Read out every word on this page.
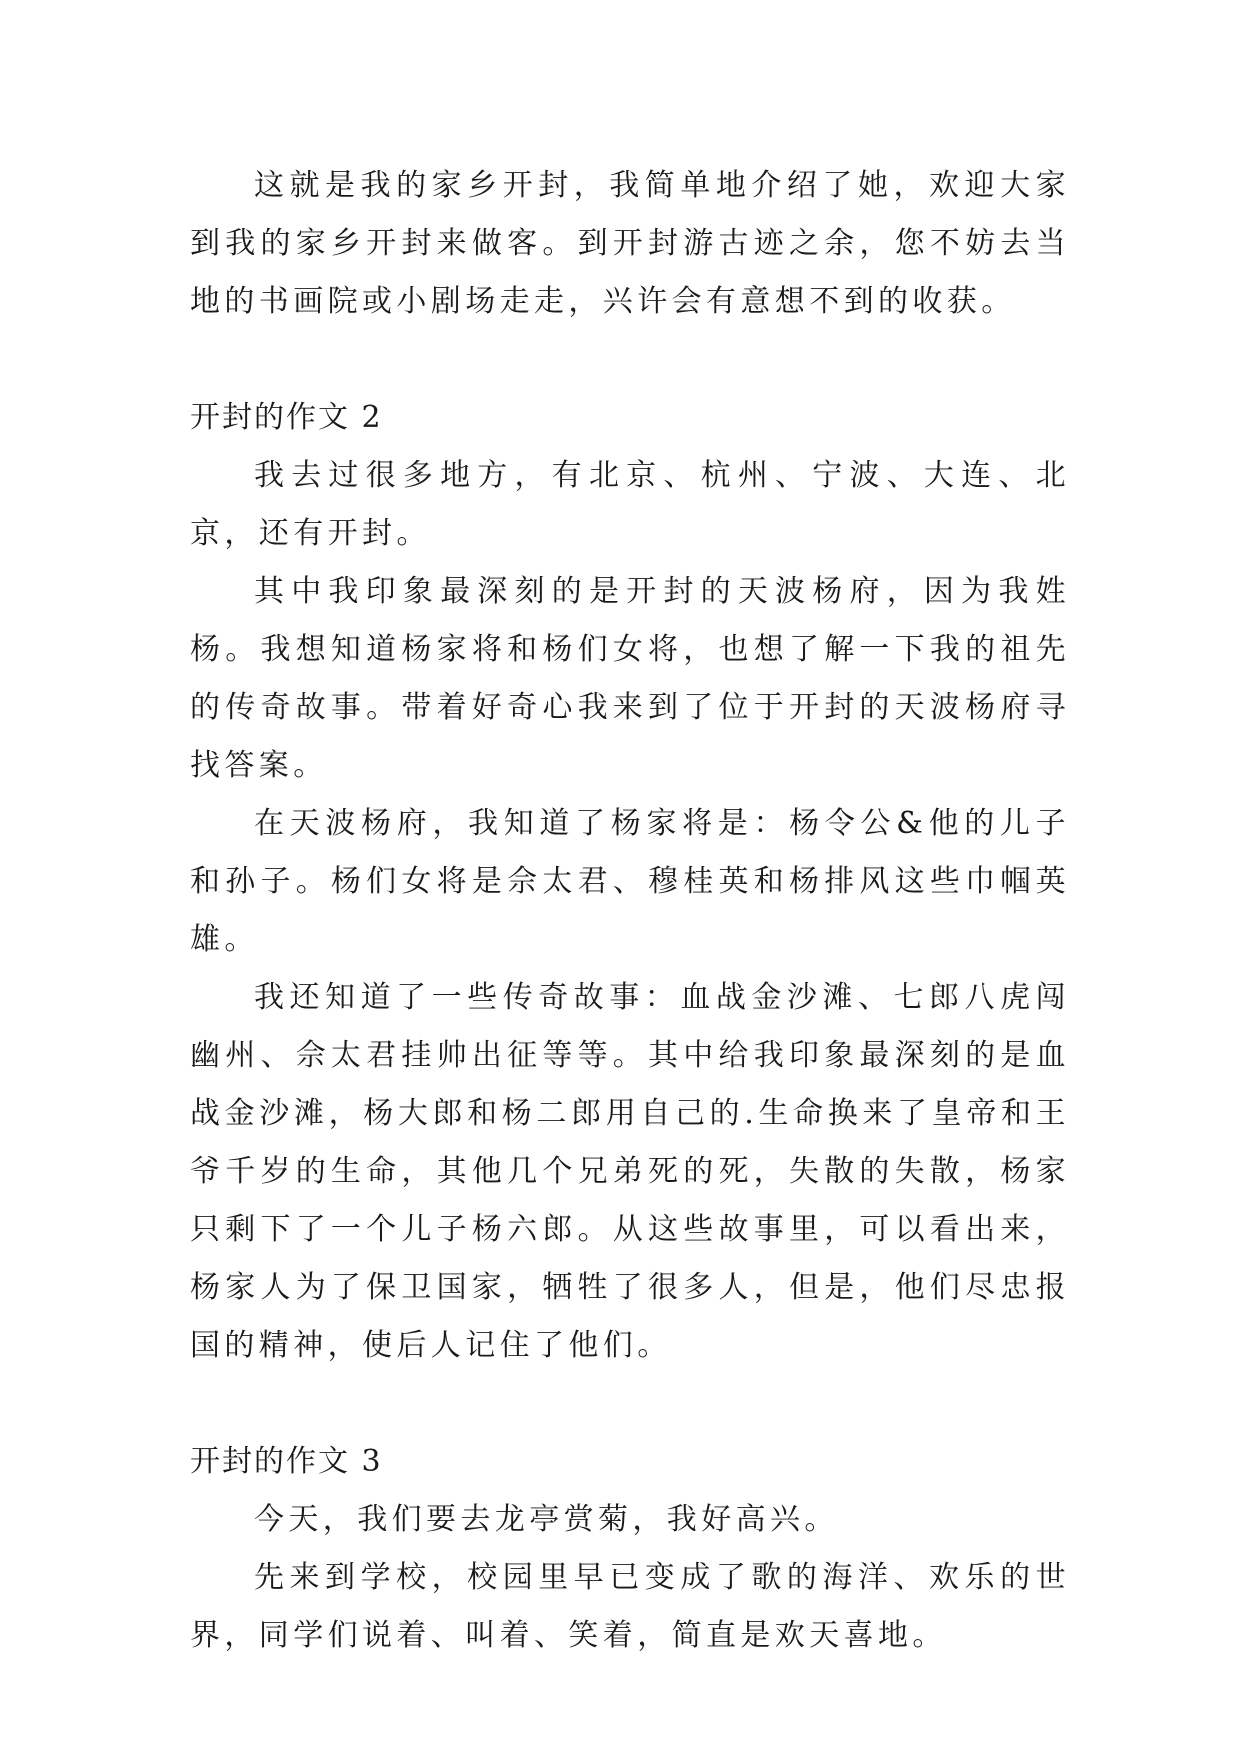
这就是我的家乡开封，我简单地介绍了她，欢迎大家到我的家乡开封来做客。到开封游古迹之余，您不妨去当地的书画院或小剧场走走，兴许会有意想不到的收获。

开封的作文 2

我去过很多地方，有北京、杭州、宁波、大连、北京，还有开封。

其中我印象最深刻的是开封的天波杨府，因为我姓杨。我想知道杨家将和杨们女将，也想了解一下我的祖先的传奇故事。带着好奇心我来到了位于开封的天波杨府寻找答案。

在天波杨府，我知道了杨家将是：杨令公&他的儿子和孙子。杨们女将是佘太君、穆桂英和杨排风这些巾帼英雄。

我还知道了一些传奇故事：血战金沙滩、七郎八虎闯幽州、佘太君挂帅出征等等。其中给我印象最深刻的是血战金沙滩，杨大郎和杨二郎用自己的.生命换来了皇帝和王爷千岁的生命，其他几个兄弟死的死，失散的失散，杨家只剩下了一个儿子杨六郎。从这些故事里，可以看出来，杨家人为了保卫国家，牺牲了很多人，但是，他们尽忠报国的精神，使后人记住了他们。

开封的作文 3

今天，我们要去龙亭赏菊，我好高兴。

先来到学校，校园里早已变成了歌的海洋、欢乐的世界，同学们说着、叫着、笑着，简直是欢天喜地。
